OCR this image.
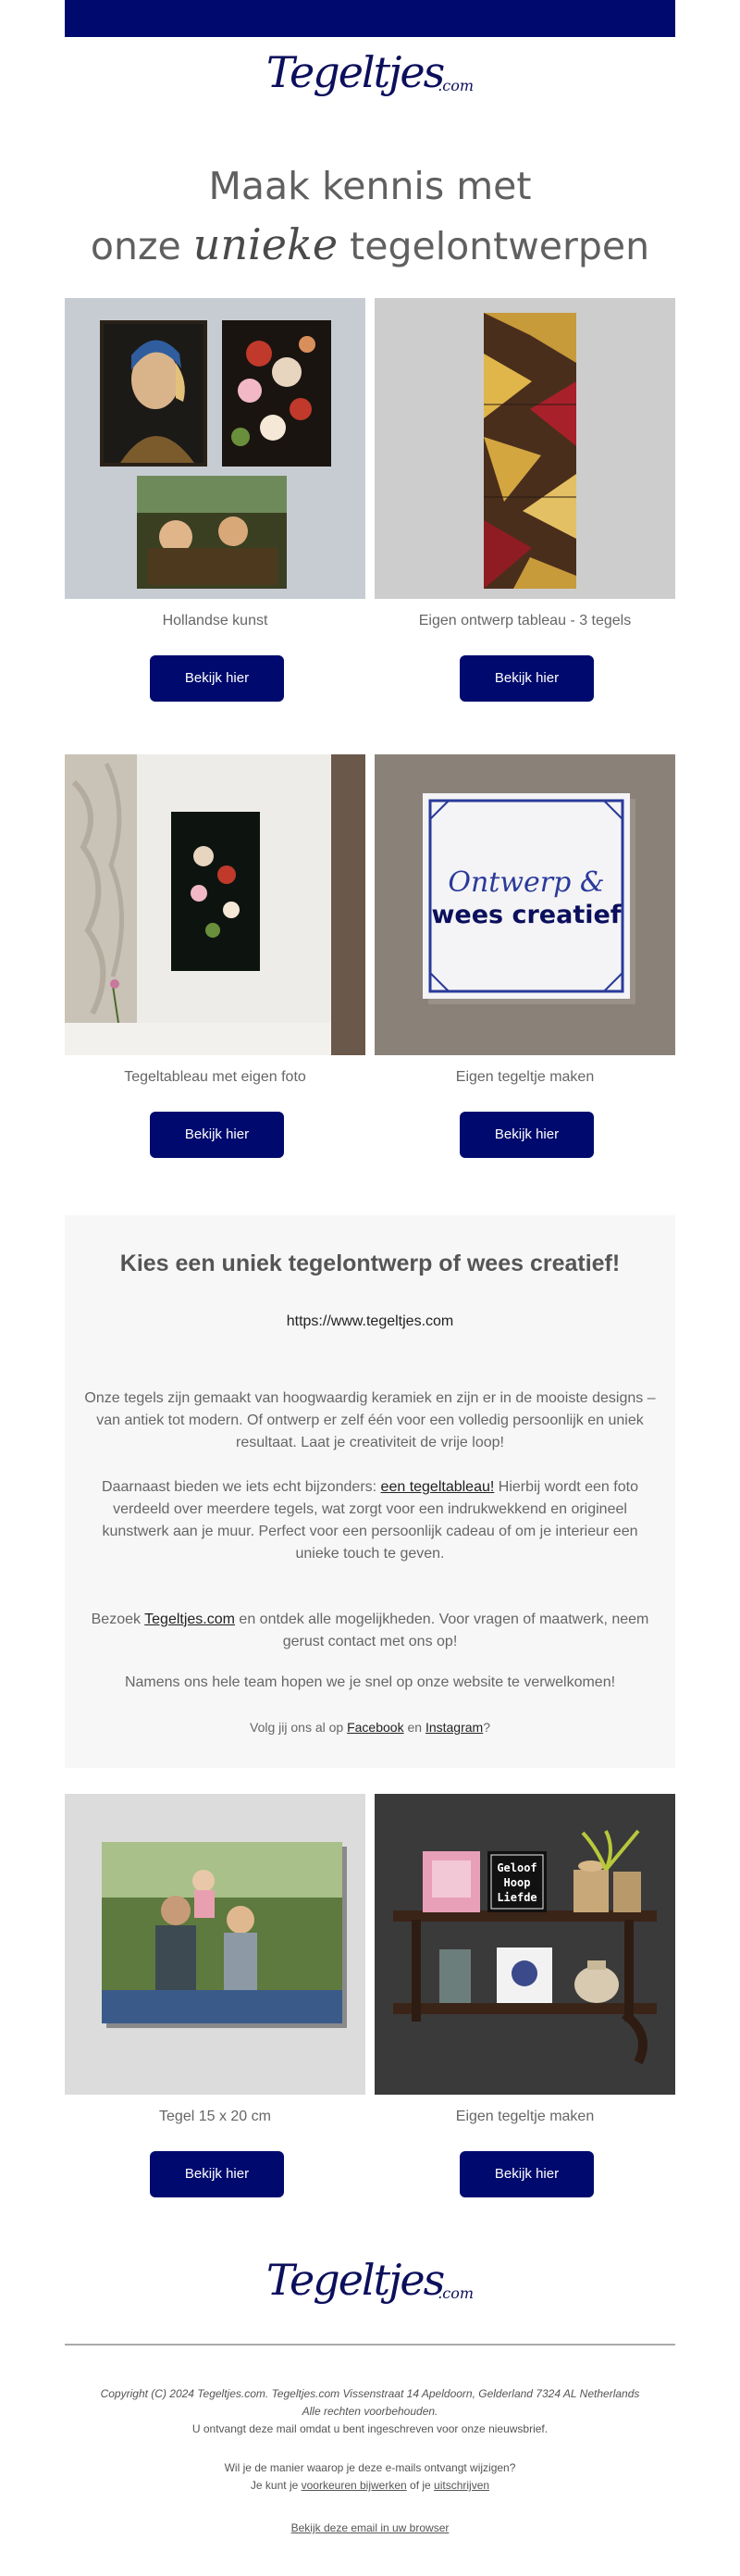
Tegeltjes.com
Maak kennis met
onze unieke tegelontwerpen
Hollandse kunst
Bekijk hier
Eigen ontwerp tableau - 3 tegels
Bekijk hier
Tegeltableau met eigen foto
Bekijk hier
Ontwerp &
wees creatief
Eigen tegeltje maken
Bekijk hier
Kies een uniek tegelontwerp of wees creatief!
https://www.tegeltjes.com

Onze tegels zijn gemaakt van hoogwaardig keramiek en zijn er in de mooiste designs – van antiek tot modern. Of ontwerp er zelf één voor een volledig persoonlijk en uniek resultaat. Laat je creativiteit de vrije loop!

Daarnaast bieden we iets echt bijzonders: een tegeltableau! Hierbij wordt een foto verdeeld over meerdere tegels, wat zorgt voor een indrukwekkend en origineel kunstwerk aan je muur. Perfect voor een persoonlijk cadeau of om je interieur een unieke touch te geven.

Bezoek Tegeltjes.com en ontdek alle mogelijkheden. Voor vragen of maatwerk, neem gerust contact met ons op!

Namens ons hele team hopen we je snel op onze website te verwelkomen!

Volg jij ons al op Facebook en Instagram?

Tegel 15 x 20 cm
Bekijk hier
Geloof
Hoop
Liefde
Eigen tegeltje maken
Bekijk hier
Tegeltjes.com
Copyright (C) 2024 Tegeltjes.com. Tegeltjes.com Vissenstraat 14 Apeldoorn, Gelderland 7324 AL Netherlands
Alle rechten voorbehouden.
U ontvangt deze mail omdat u bent ingeschreven voor onze nieuwsbrief.
Wil je de manier waarop je deze e-mails ontvangt wijzigen?
Je kunt je voorkeuren bijwerken of je uitschrijven
Bekijk deze email in uw browser
